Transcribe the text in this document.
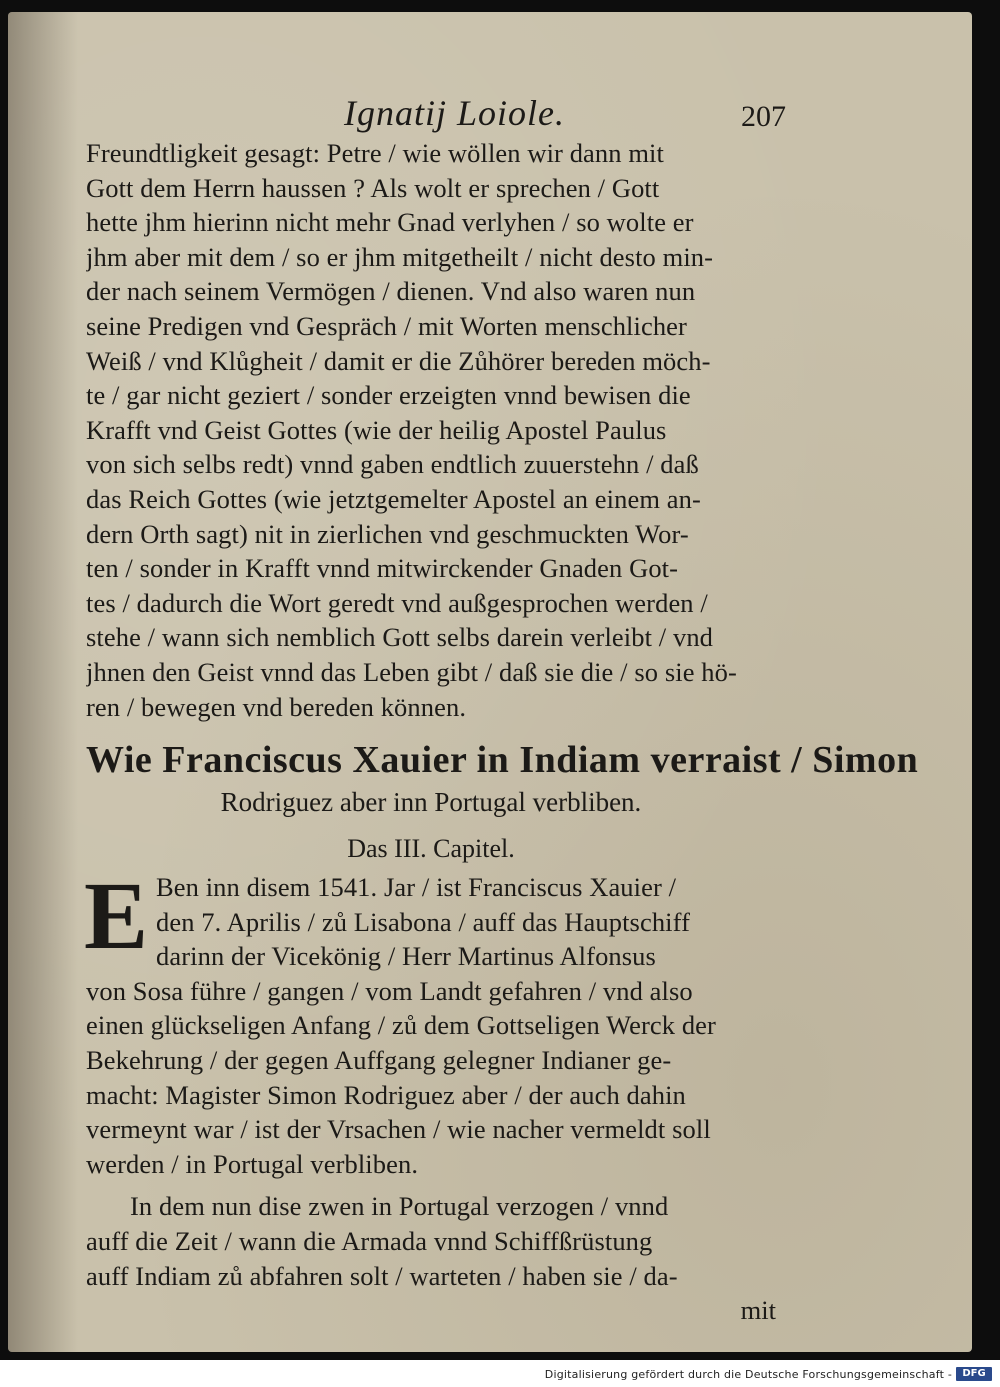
Ignatij Loiole.	207
Freundtligkeit gesagt: Petre / wie wöllen wir dann mit
Gott dem Herrn haussen ? Als wolt er sprechen / Gott
hette jhm hierinn nicht mehr Gnad verlyhen / so wolte er
jhm aber mit dem / so er jhm mitgetheilt / nicht desto min-
der nach seinem Vermögen / dienen. Vnd also waren nun
seine Predigen vnd Gespräch / mit Worten menschlicher
Weiß / vnd Klůgheit / damit er die Zůhörer bereden möch-
te / gar nicht geziert / sonder erzeigten vnnd bewisen die
Krafft vnd Geist Gottes (wie der heilig Apostel Paulus
von sich selbs redt) vnnd gaben endtlich zuuerstehn / daß
das Reich Gottes (wie jetztgemelter Apostel an einem an-
dern Orth sagt) nit in zierlichen vnd geschmuckten Wor-
ten / sonder in Krafft vnnd mitwirckender Gnaden Got-
tes / dadurch die Wort geredt vnd außgesprochen werden /
stehe / wann sich nemblich Gott selbs darein verleibt / vnd
jhnen den Geist vnnd das Leben gibt / daß sie die / so sie hö-
ren / bewegen vnd bereden können.
Wie Franciscus Xauier in Indiam verraist / Simon
Rodriguez aber inn Portugal verbliben.
Das III. Capitel.
E Ben inn disem 1541. Jar / ist Franciscus Xauier /
den 7. Aprilis / zů Lisabona / auff das Hauptschiff
darinn der Vicekönig / Herr Martinus Alfonsus
von Sosa führe / gangen / vom Landt gefahren / vnd also
einen glückseligen Anfang / zů dem Gottseligen Werck der
Bekehrung / der gegen Auffgang gelegner Indianer ge-
macht: Magister Simon Rodriguez aber / der auch dahin
vermeynt war / ist der Vrsachen / wie nacher vermeldt soll
werden / in Portugal verbliben.
In dem nun dise zwen in Portugal verzogen / vnnd
auff die Zeit / wann die Armada vnnd Schiffßrüstung
auff Indiam zů abfahren solt / warteten / haben sie / da-
mit
Digitalisierung gefördert durch die Deutsche Forschungsgemeinschaft -	DFG
